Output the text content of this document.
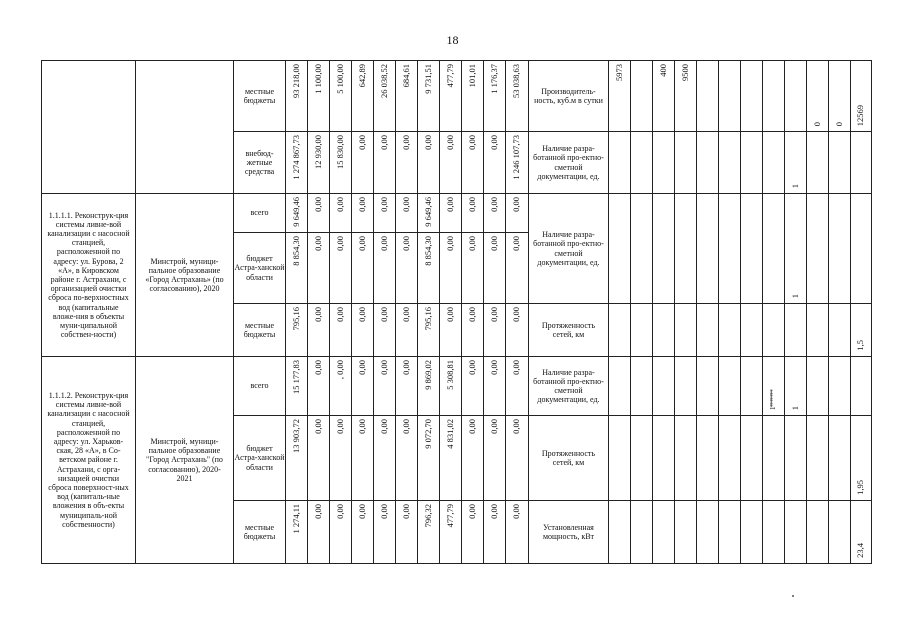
18
		местные бюджеты	93 218,00	1 100,00	5 100,00	642,89	26 038,52	684,61	9 731,51	477,79	101,01	1 176,37	53 038,63	Производитель-ность, куб.м в сутки	5973		400	9500						0	0	12569
		внебюд-жетные средства	1 274 867,73	12 930,00	15 830,00	0,00	0,00	0,00	0,00	0,00	0,00	0,00	1 246 107,73	Наличие разра-ботанной про-ектно-сметной документации, ед.									1			
1.1.1.1. Реконструк-ция системы ливне-вой канализации с насосной станцией, расположенной по адресу: ул. Бурова, 2 «А», в Кировском районе г. Астрахани, с организацией очистки сброса по-верхностных вод (капитальные вложе-ния в объекты муни-ципальной собствен-ности)	Минстрой, муници-пальное образование «Город Астрахань» (по согласованию), 2020	всего	9 649,46	0,00	0,00	0,00	0,00	0,00	9 649,46	0,00	0,00	0,00	0,00	Наличие разра-ботанной про-ектно-сметной документации, ед.									1			
		бюджет Астра-ханской области	8 854,30	0,00	0,00	0,00	0,00	0,00	8 854,30	0,00	0,00	0,00	0,00													
		местные бюджеты	795,16	0,00	0,00	0,00	0,00	0,00	795,16	0,00	0,00	0,00	0,00	Протяженность сетей, км												1,5
1.1.1.2. Реконструк-ция системы ливне-вой канализации с насосной станцией, расположенной по адресу: ул. Харьков-ская, 28 «А», в Со-ветском районе г. Астрахани, с орга-низацией очистки сброса поверхност-ных вод (капиталь-ные вложения в объ-екты муниципаль-ной собственности)	Минстрой, муници-пальное образование "Город Астрахань" (по согласованию), 2020-2021	всего	15 177,83	0,00	, 0,00	0,00	0,00	0,00	9 869,02	5 308,81	0,00	0,00	0,00	Наличие разра-ботанной про-ектно-сметной документации, ед.								1*******	1			
		бюджет Астра-ханской области	13 903,72	0,00	0,00	0,00	0,00	0,00	9 072,70	4 831,02	0,00	0,00	0,00	Протяженность сетей, км												1,95
		местные бюджеты	1 274,11	0,00	0,00	0,00	0,00	0,00	796,32	477,79	0,00	0,00	0,00	Установленная мощность, кВт												23,4
